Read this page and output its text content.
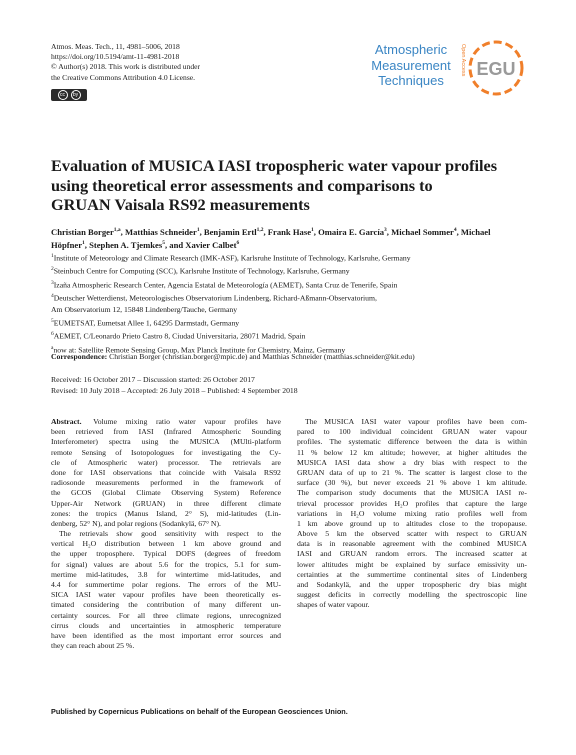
Atmos. Meas. Tech., 11, 4981–5006, 2018
https://doi.org/10.5194/amt-11-4981-2018
© Author(s) 2018. This work is distributed under
the Creative Commons Attribution 4.0 License.
cc	by
Atmospheric
Measurement
Techniques
Open Access EGU
Evaluation of MUSICA IASI tropospheric water vapour profiles
using theoretical error assessments and comparisons to
GRUAN Vaisala RS92 measurements
Christian Borger$^{1,a}$, Matthias Schneider$^1$, Benjamin Ertl$^{1,2}$, Frank Hase$^1$, Omaira E. García$^3$, Michael Sommer$^4$, Michael Höpfner$^1$, Stephen A. Tjemkes$^5$, and Xavier Calbet$^6$
$^1$Institute of Meteorology and Climate Research (IMK-ASF), Karlsruhe Institute of Technology, Karlsruhe, Germany
$^2$Steinbuch Centre for Computing (SCC), Karlsruhe Institute of Technology, Karlsruhe, Germany
$^3$Izaña Atmospheric Research Center, Agencia Estatal de Meteorología (AEMET), Santa Cruz de Tenerife, Spain
$^4$Deutscher Wetterdienst, Meteorologisches Observatorium Lindenberg, Richard-Aßmann-Observatorium,
Am Observatorium 12, 15848 Lindenberg/Tauche, Germany
$^5$EUMETSAT, Eumetsat Allee 1, 64295 Darmstadt, Germany
$^6$AEMET, C/Leonardo Prieto Castro 8, Ciudad Universitaria, 28071 Madrid, Spain
$^a$now at: Satellite Remote Sensing Group, Max Planck Institute for Chemistry, Mainz, Germany
Correspondence: Christian Borger (christian.borger@mpic.de) and Matthias Schneider (matthias.schneider@kit.edu)
Received: 16 October 2017 – Discussion started: 26 October 2017
Revised: 10 July 2018 – Accepted: 26 July 2018 – Published: 4 September 2018
Abstract. Volume mixing ratio water vapour profiles have
been retrieved from IASI (Infrared Atmospheric Sounding
Interferometer) spectra using the MUSICA (MUlti-platform
remote Sensing of Isotopologues for investigating the Cy-
cle of Atmospheric water) processor. The retrievals are
done for IASI observations that coincide with Vaisala RS92
radiosonde measurements performed in the framework of
the GCOS (Global Climate Observing System) Reference
Upper-Air Network (GRUAN) in three different climate
zones: the tropics (Manus Island, 2° S), mid-latitudes (Lin-
denberg, 52° N), and polar regions (Sodankylä, 67° N).
The retrievals show good sensitivity with respect to the
vertical H₂O distribution between 1 km above ground and
the upper troposphere. Typical DOFS (degrees of freedom
for signal) values are about 5.6 for the tropics, 5.1 for sum-
mertime mid-latitudes, 3.8 for wintertime mid-latitudes, and
4.4 for summertime polar regions. The errors of the MU-
SICA IASI water vapour profiles have been theoretically es-
timated considering the contribution of many different un-
certainty sources. For all three climate regions, unrecognized
cirrus clouds and uncertainties in atmospheric temperature
have been identified as the most important error sources and
they can reach about 25 %.
The MUSICA IASI water vapour profiles have been com-
pared to 100 individual coincident GRUAN water vapour
profiles. The systematic difference between the data is within
11 % below 12 km altitude; however, at higher altitudes the
MUSICA IASI data show a dry bias with respect to the
GRUAN data of up to 21 %. The scatter is largest close to the
surface (30 %), but never exceeds 21 % above 1 km altitude.
The comparison study documents that the MUSICA IASI re-
trieval processor provides H₂O profiles that capture the large
variations in H₂O volume mixing ratio profiles well from
1 km above ground up to altitudes close to the tropopause.
Above 5 km the observed scatter with respect to GRUAN
data is in reasonable agreement with the combined MUSICA
IASI and GRUAN random errors. The increased scatter at
lower altitudes might be explained by surface emissivity un-
certainties at the summertime continental sites of Lindenberg
and Sodankylä, and the upper tropospheric dry bias might
suggest deficits in correctly modelling the spectroscopic line
shapes of water vapour.
Published by Copernicus Publications on behalf of the European Geosciences Union.
